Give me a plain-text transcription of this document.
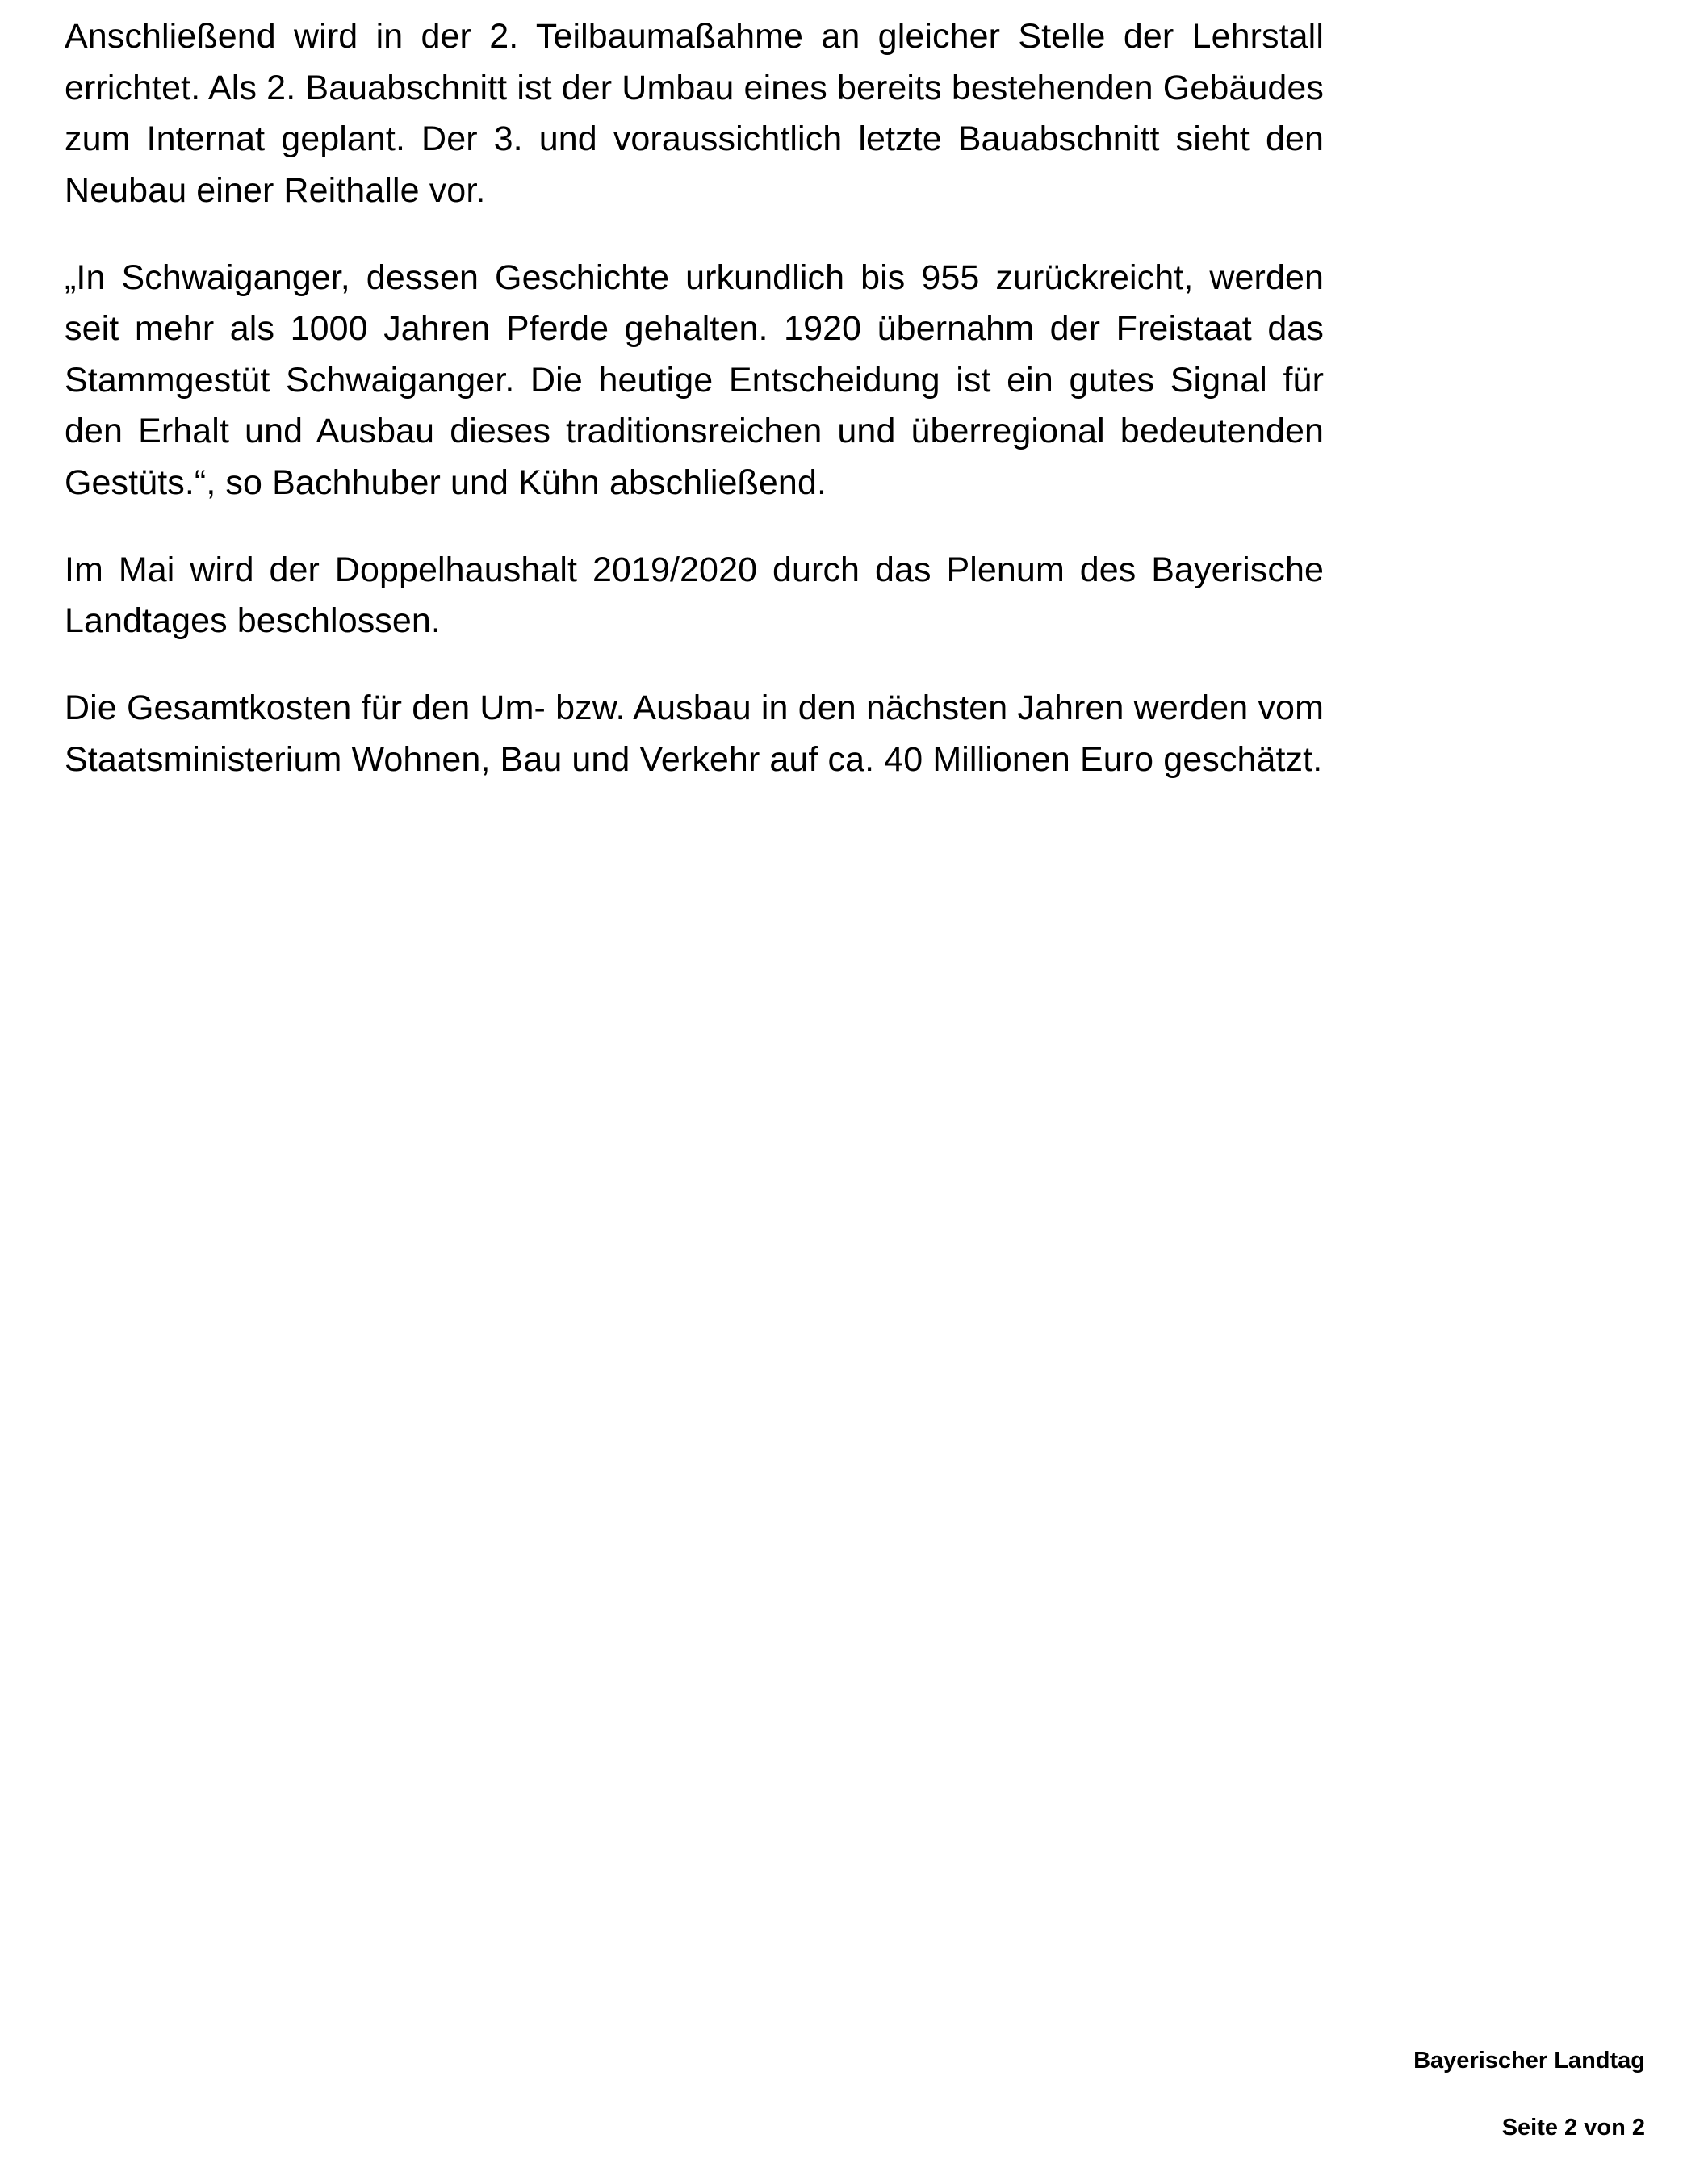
Anschließend wird in der 2. Teilbaumaßahme an gleicher Stelle der Lehrstall errichtet. Als 2. Bauabschnitt ist der Umbau eines bereits bestehenden Gebäudes zum Internat geplant. Der 3. und voraussichtlich letzte Bauabschnitt sieht den Neubau einer Reithalle vor.

„In Schwaiganger, dessen Geschichte urkundlich bis 955 zurückreicht, werden seit mehr als 1000 Jahren Pferde gehalten. 1920 übernahm der Freistaat das Stammgestüt Schwaiganger. Die heutige Entscheidung ist ein gutes Signal für den Erhalt und Ausbau dieses traditionsreichen und überregional bedeutenden Gestüts.“, so Bachhuber und Kühn abschließend.

Im Mai wird der Doppelhaushalt 2019/2020 durch das Plenum des Bayerische Landtages beschlossen.

Die Gesamtkosten für den Um- bzw. Ausbau in den nächsten Jahren werden vom Staatsministerium Wohnen, Bau und Verkehr auf ca. 40 Millionen Euro geschätzt.

Bayerischer Landtag

Seite 2 von 2
